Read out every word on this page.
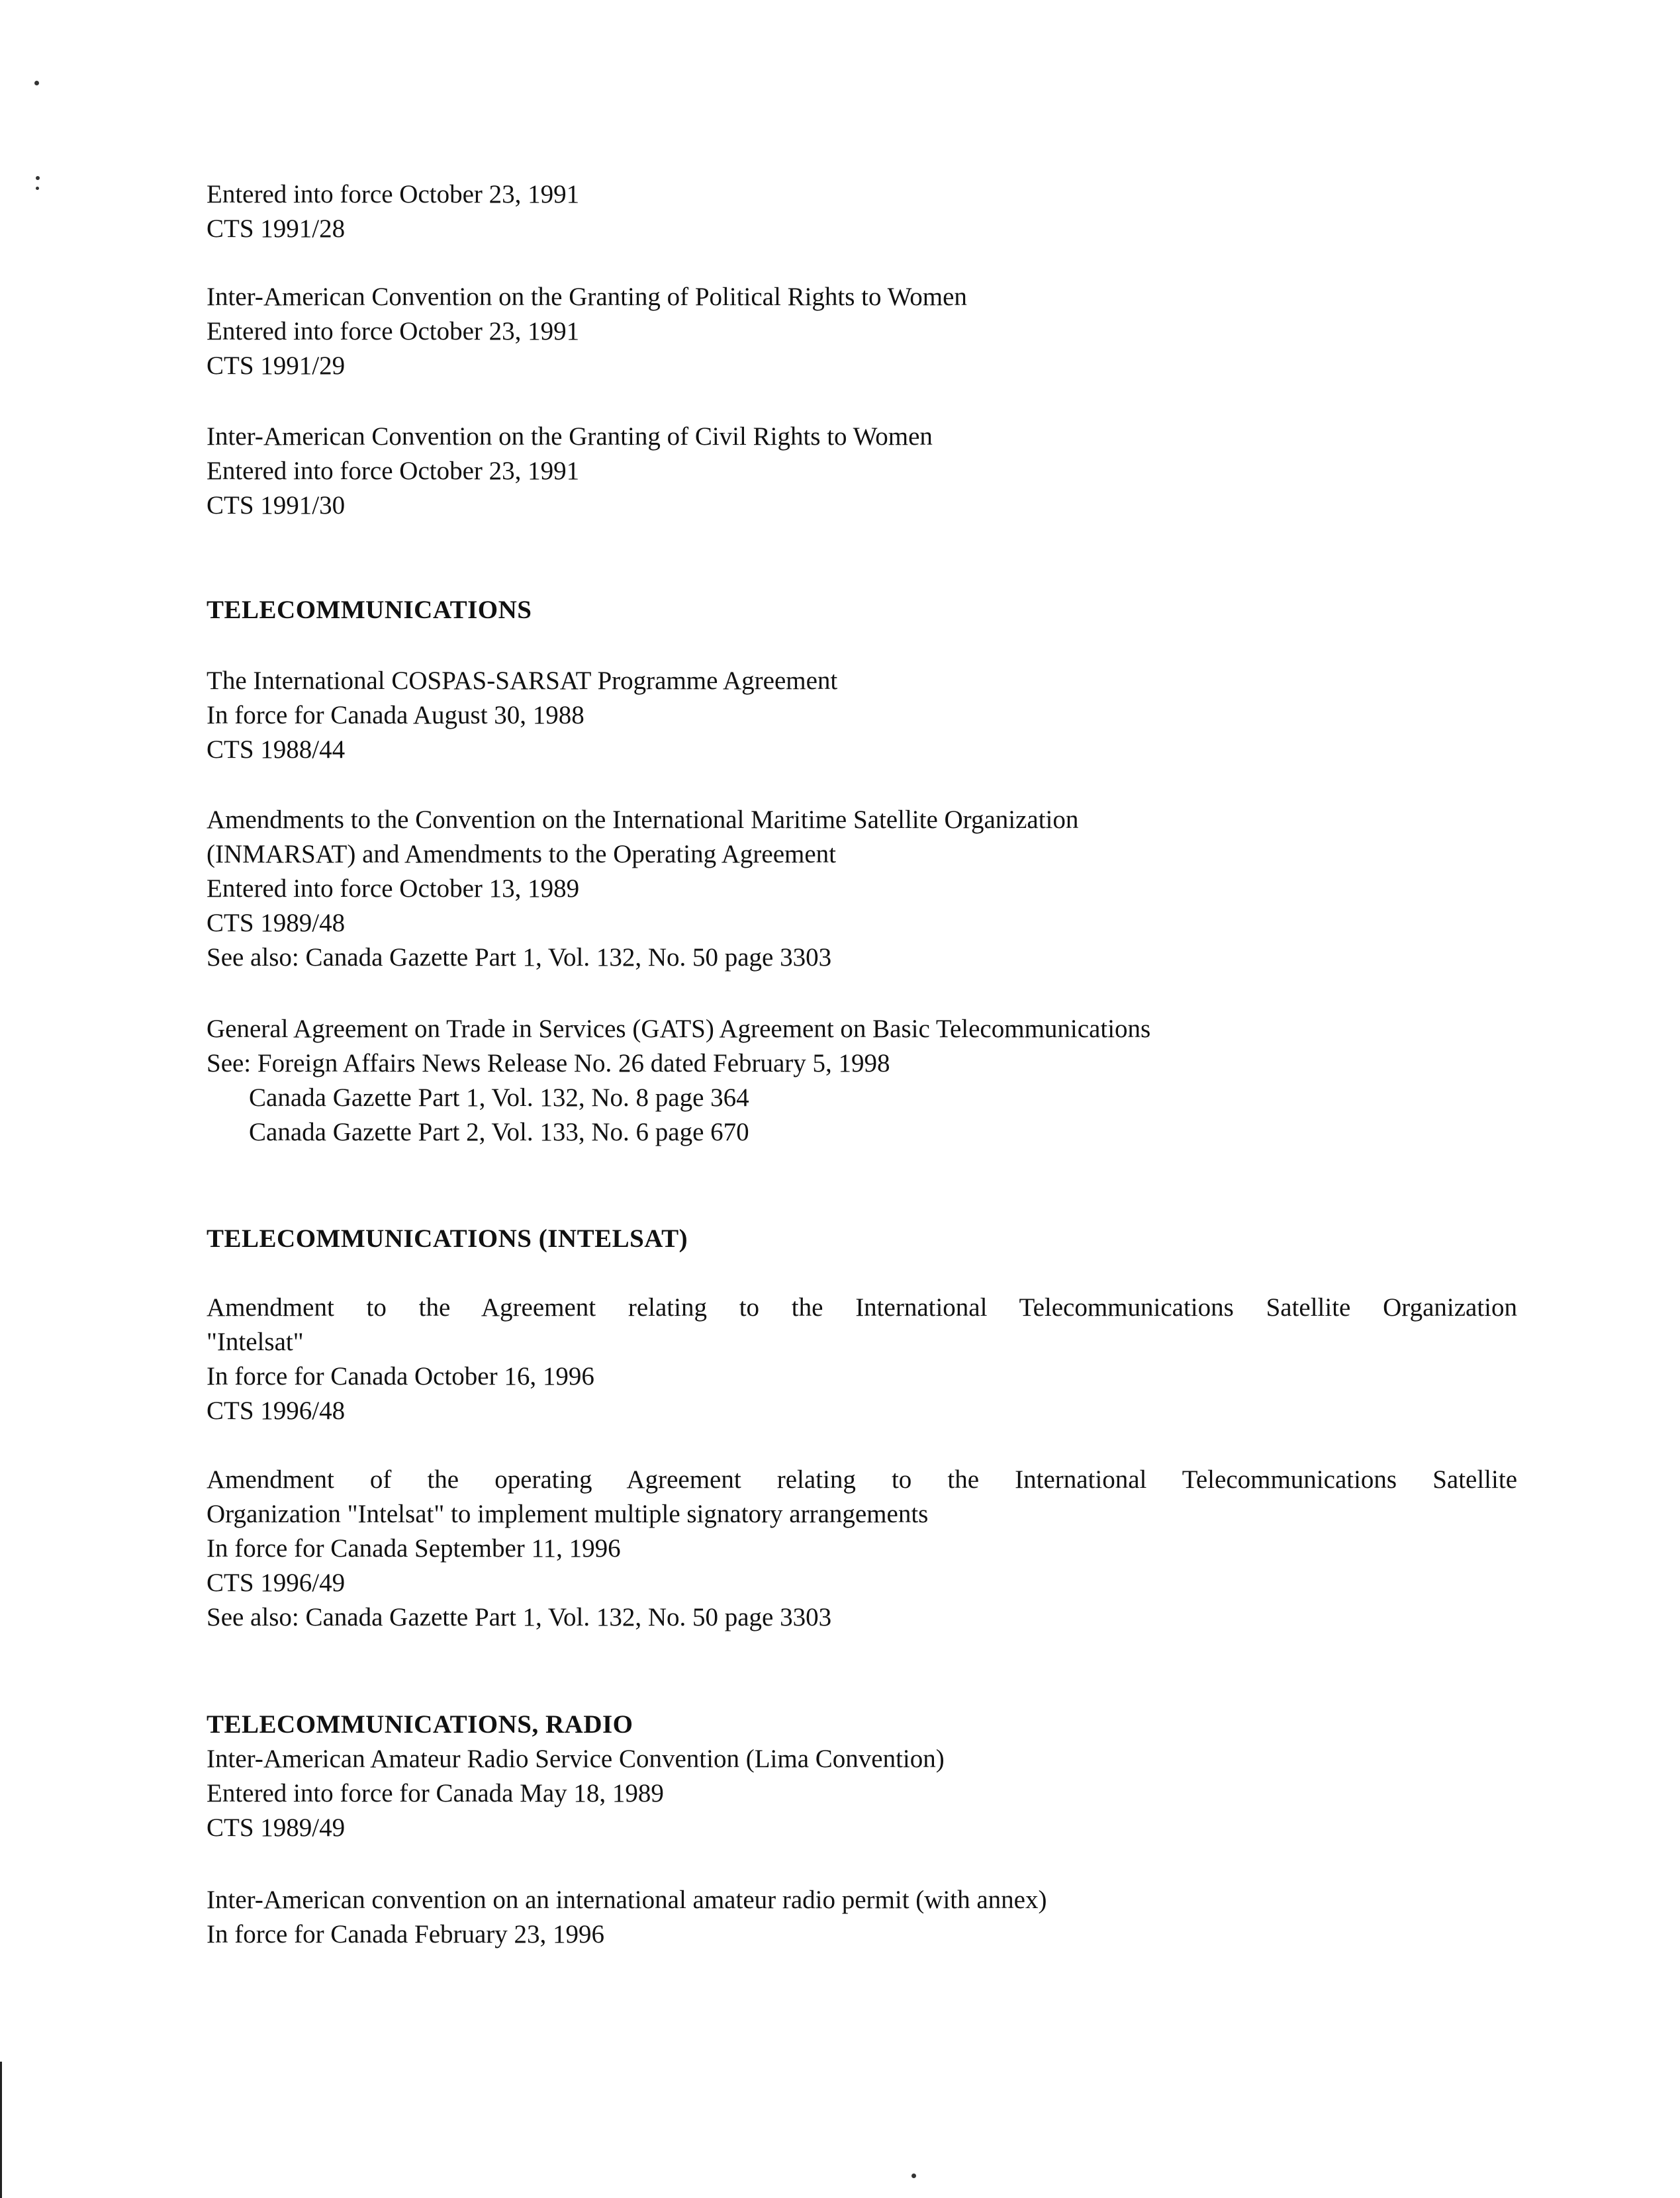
Entered into force October 23, 1991
CTS 1991/28
Inter-American Convention on the Granting of Political Rights to Women
Entered into force October 23, 1991
CTS 1991/29
Inter-American Convention on the Granting of Civil Rights to Women
Entered into force October 23, 1991
CTS 1991/30
TELECOMMUNICATIONS
The International COSPAS-SARSAT Programme Agreement
In force for Canada August 30, 1988
CTS 1988/44
Amendments to the Convention on the International Maritime Satellite Organization
(INMARSAT) and Amendments to the Operating Agreement
Entered into force October 13, 1989
CTS 1989/48
See also: Canada Gazette Part 1, Vol. 132, No. 50 page 3303
General Agreement on Trade in Services (GATS) Agreement on Basic Telecommunications
See: Foreign Affairs News Release No. 26 dated February 5, 1998
Canada Gazette Part 1, Vol. 132, No. 8 page 364
Canada Gazette Part 2, Vol. 133, No. 6 page 670
TELECOMMUNICATIONS (INTELSAT)
Amendment to the Agreement relating to the International Telecommunications Satellite Organization
"Intelsat"
In force for Canada October 16, 1996
CTS 1996/48
Amendment of the operating Agreement relating to the International Telecommunications Satellite
Organization "Intelsat" to implement multiple signatory arrangements
In force for Canada September 11, 1996
CTS 1996/49
See also: Canada Gazette Part 1, Vol. 132, No. 50 page 3303
TELECOMMUNICATIONS, RADIO
Inter-American Amateur Radio Service Convention (Lima Convention)
Entered into force for Canada May 18, 1989
CTS 1989/49
Inter-American convention on an international amateur radio permit (with annex)
In force for Canada February 23, 1996
